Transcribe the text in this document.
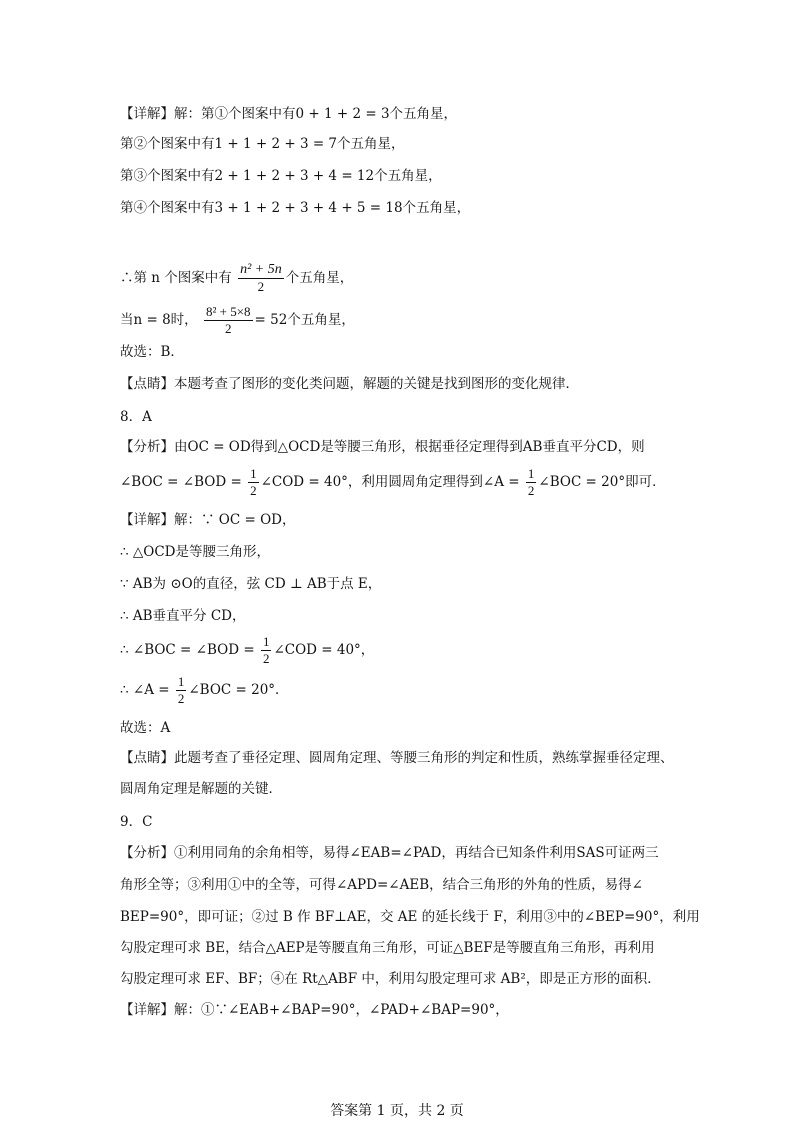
【详解】解：第①个图案中有0 + 1 + 2 = 3个五角星，
第②个图案中有1 + 1 + 2 + 3 = 7个五角星，
第③个图案中有2 + 1 + 2 + 3 + 4 = 12个五角星，
第④个图案中有3 + 1 + 2 + 3 + 4 + 5 = 18个五角星，
∴第 n 个图案中有 $\frac{\text{n² + 5n}}{2}$ 个五角星，
当n = 8时， $\frac{\text{8² + 5×8}}{2} = 52$个五角星，
故选：B．
【点睛】本题考查了图形的变化类问题，解题的关键是找到图形的变化规律．
8．A
【分析】由OC = OD得到△OCD是等腰三角形，根据垂径定理得到AB垂直平分CD，则
∠BOC = ∠BOD = $\frac{1}{2}$ ∠COD = 40°，利用圆周角定理得到∠A = $\frac{1}{2}$ ∠BOC = 20°即可．
【详解】解：∵ OC = OD，
∴ △OCD是等腰三角形，
∵ AB为 ⊙O的直径，弦 CD ⊥ AB于点 E，
∴ AB垂直平分 CD，
∴ ∠BOC = ∠BOD = $\frac{1}{2}$ ∠COD = 40°，
∴ ∠A = $\frac{1}{2}$ ∠BOC = 20°．
故选：A
【点睛】此题考查了垂径定理、圆周角定理、等腰三角形的判定和性质，熟练掌握垂径定理、
圆周角定理是解题的关键．
9．C
【分析】①利用同角的余角相等，易得∠EAB=∠PAD，再结合已知条件利用SAS可证两三
角形全等；③利用①中的全等，可得∠APD=∠AEB，结合三角形的外角的性质，易得∠
BEP=90°，即可证；②过 B 作 BF⊥AE，交 AE 的延长线于 F，利用③中的∠BEP=90°，利用
勾股定理可求 BE，结合△AEP是等腰直角三角形，可证△BEF是等腰直角三角形，再利用
勾股定理可求 EF、BF；④在 Rt△ABF 中，利用勾股定理可求 AB²，即是正方形的面积．
【详解】解：①∵∠EAB+∠BAP=90°，∠PAD+∠BAP=90°，
答案第 1 页，共 2 页
